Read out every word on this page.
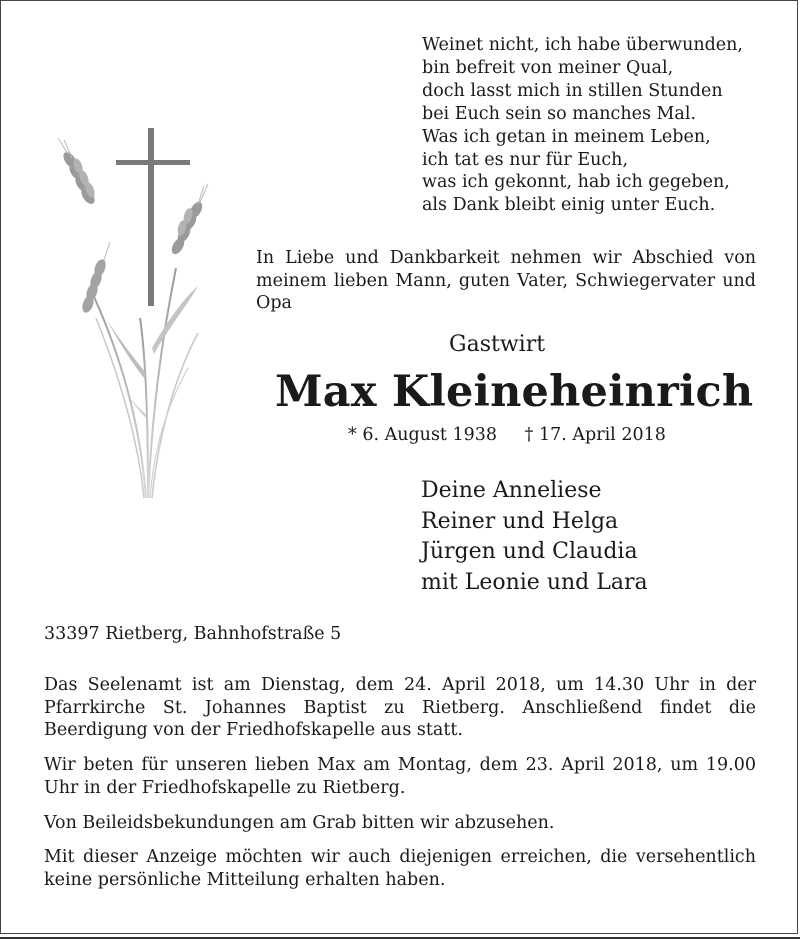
Weinet nicht, ich habe überwunden,
bin befreit von meiner Qual,
doch lasst mich in stillen Stunden
bei Euch sein so manches Mal.
Was ich getan in meinem Leben,
ich tat es nur für Euch,
was ich gekonnt, hab ich gegeben,
als Dank bleibt einig unter Euch.
In Liebe und Dankbarkeit nehmen wir Abschied von meinem lieben Mann, guten Vater, Schwiegervater und Opa
Gastwirt
Max Kleineheinrich
* 6. August 1938 † 17. April 2018
Deine Anneliese
Reiner und Helga
Jürgen und Claudia
mit Leonie und Lara
33397 Rietberg, Bahnhofstraße 5

Das Seelenamt ist am Dienstag, dem 24. April 2018, um 14.30 Uhr in der Pfarrkirche St. Johannes Baptist zu Rietberg. Anschließend findet die Beerdigung von der Friedhofskapelle aus statt.

Wir beten für unseren lieben Max am Montag, dem 23. April 2018, um 19.00 Uhr in der Friedhofskapelle zu Rietberg.

Von Beileidsbekundungen am Grab bitten wir abzusehen.

Mit dieser Anzeige möchten wir auch diejenigen erreichen, die versehentlich keine persönliche Mitteilung erhalten haben.
